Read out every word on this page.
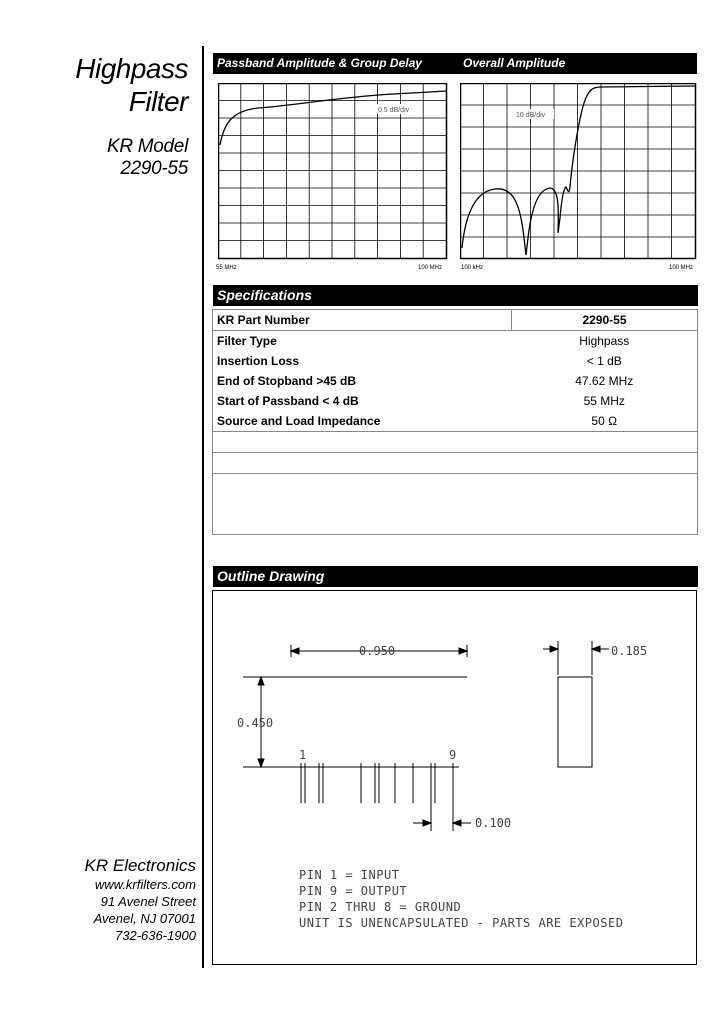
Highpass
Filter
KR Model
2290-55
Passband Amplitude & Group Delay	Overall Amplitude
0.5 dB/div
55 MHz	100 MHz
10 dB/div
100 kHz	100 MHz
Specifications
KR Part Number	2290-55
Filter Type	Highpass
Insertion Loss	< 1 dB
End of Stopband >45 dB	47.62 MHz
Start of Passband < 4 dB	55 MHz
Source and Load Impedance	50 Ω

Outline Drawing
0.950
0.450
0.185
0.100
1	9
PIN 1 = INPUT
PIN 9 = OUTPUT
PIN 2 THRU 8 = GROUND
UNIT IS UNENCAPSULATED - PARTS ARE EXPOSED
KR Electronics
www.krfilters.com
91 Avenel Street
Avenel, NJ 07001
732-636-1900
